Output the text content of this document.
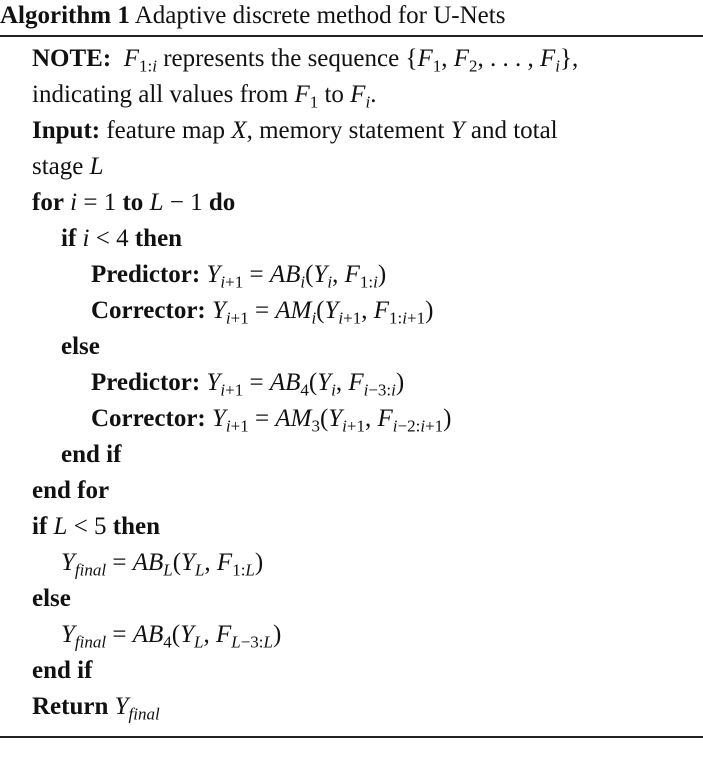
Algorithm 1 Adaptive discrete method for U-Nets
NOTE: $F_{1:i}$ represents the sequence {$F_1$, $F_2$, . . . , $F_i$},
indicating all values from $F_1$ to $F_i$.
Input: feature map X, memory statement Y and total
stage L
for i = 1 to L − 1 do
if i < 4 then
Predictor: $Y_{i+1} = AB_i(Y_i$, $F_{1:i}$)
Corrector: $Y_{i+1} = AM_i(Y_{i+1}$, $F_{1:i+1}$)
else
Predictor: $Y_{i+1} = AB_4(Y_i$, $F_{i-3:i}$)
Corrector: $Y_{i+1} = AM_3(Y_{i+1}$, $F_{i-2:i+1}$)
end if
end for
if L < 5 then
$Y_{final} = AB_L(Y_L$, $F_{1:L}$)
else
$Y_{final} = AB_4(Y_L$, $F_{L-3:L}$)
end if
Return $Y_{final}$
